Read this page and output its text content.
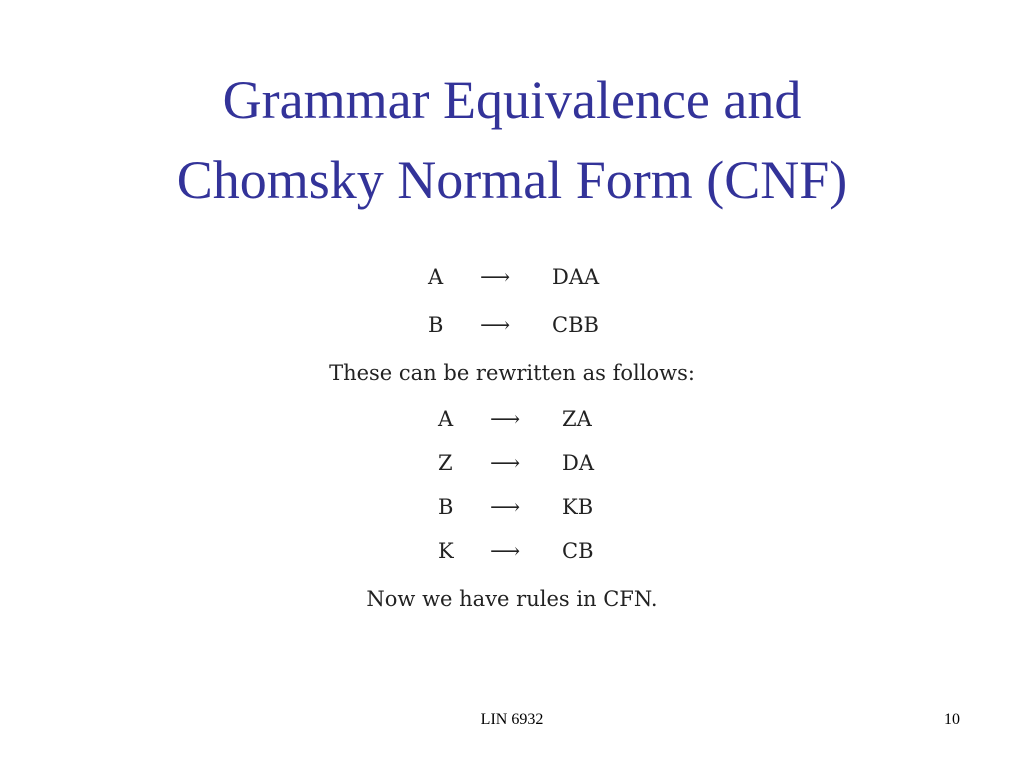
Grammar Equivalence and
Chomsky Normal Form (CNF)
A	⟶	DAA
B	⟶	CBB
These can be rewritten as follows:
A	⟶	ZA
Z	⟶	DA
B	⟶	KB
K	⟶	CB
Now we have rules in CFN.
LIN 6932	10
